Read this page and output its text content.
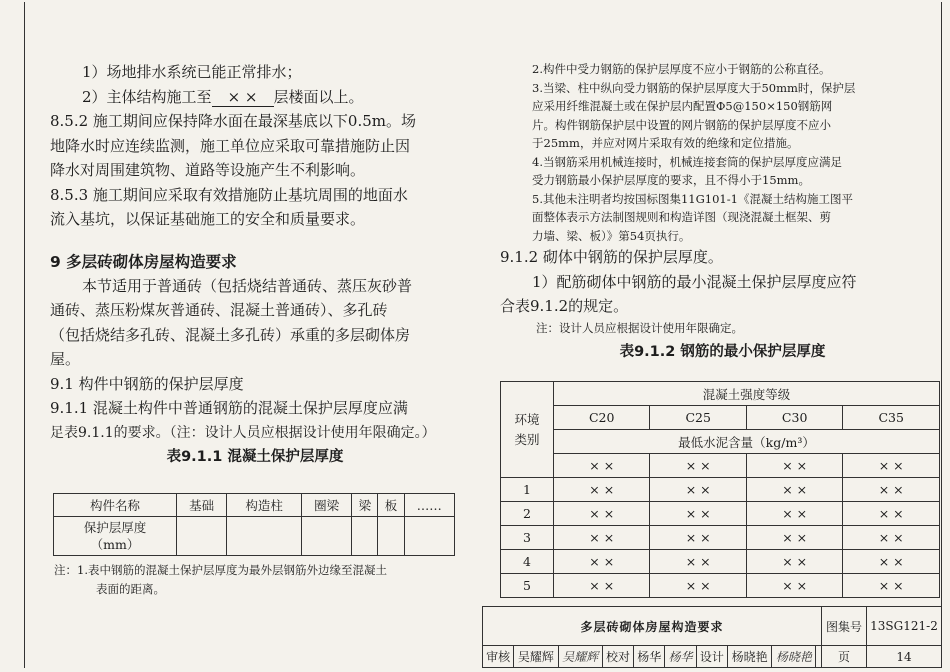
1）场地排水系统已能正常排水；

2）主体结构施工至 × × 层楼面以上。

8.5.2 施工期间应保持降水面在最深基底以下0.5m。场

地降水时应连续监测，施工单位应采取可靠措施防止因

降水对周围建筑物、道路等设施产生不利影响。

8.5.3 施工期间应采取有效措施防止基坑周围的地面水

流入基坑，以保证基础施工的安全和质量要求。

9 多层砖砌体房屋构造要求

本节适用于普通砖（包括烧结普通砖、蒸压灰砂普

通砖、蒸压粉煤灰普通砖、混凝土普通砖）、多孔砖

（包括烧结多孔砖、混凝土多孔砖）承重的多层砌体房

屋。

9.1 构件中钢筋的保护层厚度

9.1.1 混凝土构件中普通钢筋的混凝土保护层厚度应满

足表9.1.1的要求。（注：设计人员应根据设计使用年限确定。）

表9.1.1 混凝土保护层厚度

构件名称	基础	构造柱	圈梁	梁	板	……

保护层厚度
（mm）						

注：1.表中钢筋的混凝土保护层厚度为最外层钢筋外边缘至混凝土

表面的距离。

2.构件中受力钢筋的保护层厚度不应小于钢筋的公称直径。

3.当梁、柱中纵向受力钢筋的保护层厚度大于50mm时，保护层

应采用纤维混凝土或在保护层内配置Φ5@150×150钢筋网

片。构件钢筋保护层中设置的网片钢筋的保护层厚度不应小

于25mm，并应对网片采取有效的绝缘和定位措施。

4.当钢筋采用机械连接时，机械连接套筒的保护层厚度应满足

受力钢筋最小保护层厚度的要求，且不得小于15mm。

5.其他未注明者均按国标图集11G101-1《混凝土结构施工图平

面整体表示方法制图规则和构造详图（现浇混凝土框架、剪

力墙、梁、板）》第54页执行。

9.1.2 砌体中钢筋的保护层厚度。

1）配筋砌体中钢筋的最小混凝土保护层厚度应符

合表9.1.2的规定。

注：设计人员应根据设计使用年限确定。

表9.1.2 钢筋的最小保护层厚度

环境
类别	混凝土强度等级			
	C20	C25	C30	C35
	最低水泥含量（kg/m³）			
	× ×	× ×	× ×	× ×
1	× ×	× ×	× ×	× ×
2	× ×	× ×	× ×	× ×
3	× ×	× ×	× ×	× ×
4	× ×	× ×	× ×	× ×
5	× ×	× ×	× ×	× ×
多层砖砌体房屋构造要求										图集号	13SG121-2
审核	吴耀辉	吴耀辉	校对	杨华	杨华	设计	杨晓艳	杨晓艳		页	14
